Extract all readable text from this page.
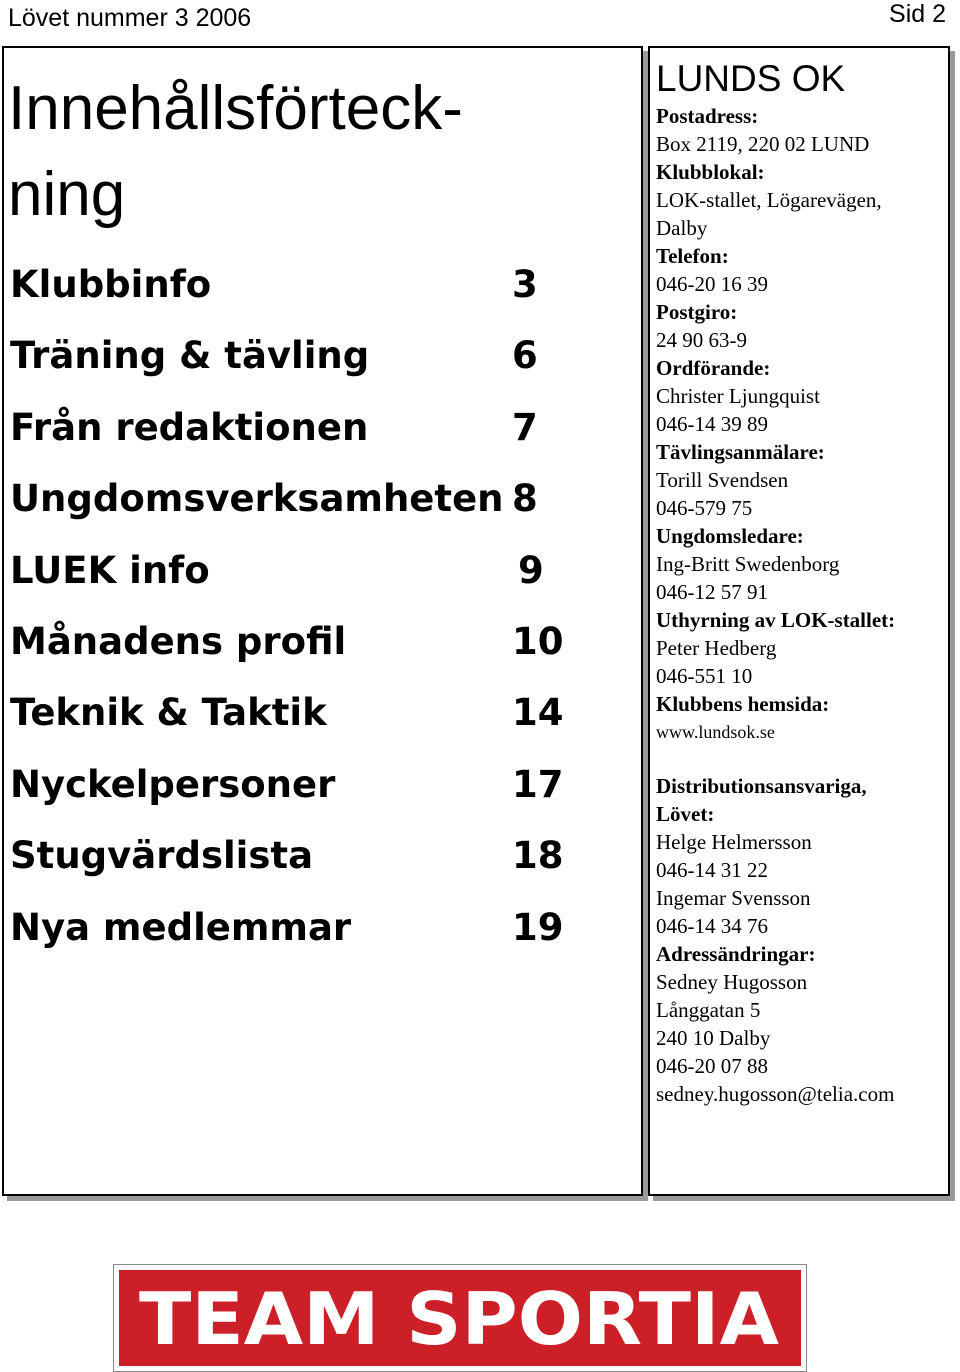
Lövet nummer 3 2006	Sid 2
Innehållsförteck-
ning
Klubbinfo	3
Träning & tävling	6
Från redaktionen	7
Ungdomsverksamheten 8
LUEK info	9
Månadens profil	10
Teknik & Taktik	14
Nyckelpersoner	17
Stugvärdslista	18
Nya medlemmar	19
LUNDS OK
Postadress:
Box 2119, 220 02 LUND
Klubblokal:
LOK-stallet, Lögarevägen,
Dalby
Telefon:
046-20 16 39
Postgiro:
24 90 63-9
Ordförande:
Christer Ljungquist
046-14 39 89
Tävlingsanmälare:
Torill Svendsen
046-579 75
Ungdomsledare:
Ing-Britt Swedenborg
046-12 57 91
Uthyrning av LOK-stallet:
Peter Hedberg
046-551 10
Klubbens hemsida:
www.lundsok.se
Distributionsansvariga,
Lövet:
Helge Helmersson
046-14 31 22
Ingemar Svensson
046-14 34 76
Adressändringar:
Sedney Hugosson
Långgatan 5
240 10 Dalby
046-20 07 88
sedney.hugosson@telia.com
TEAM SPORTIA
